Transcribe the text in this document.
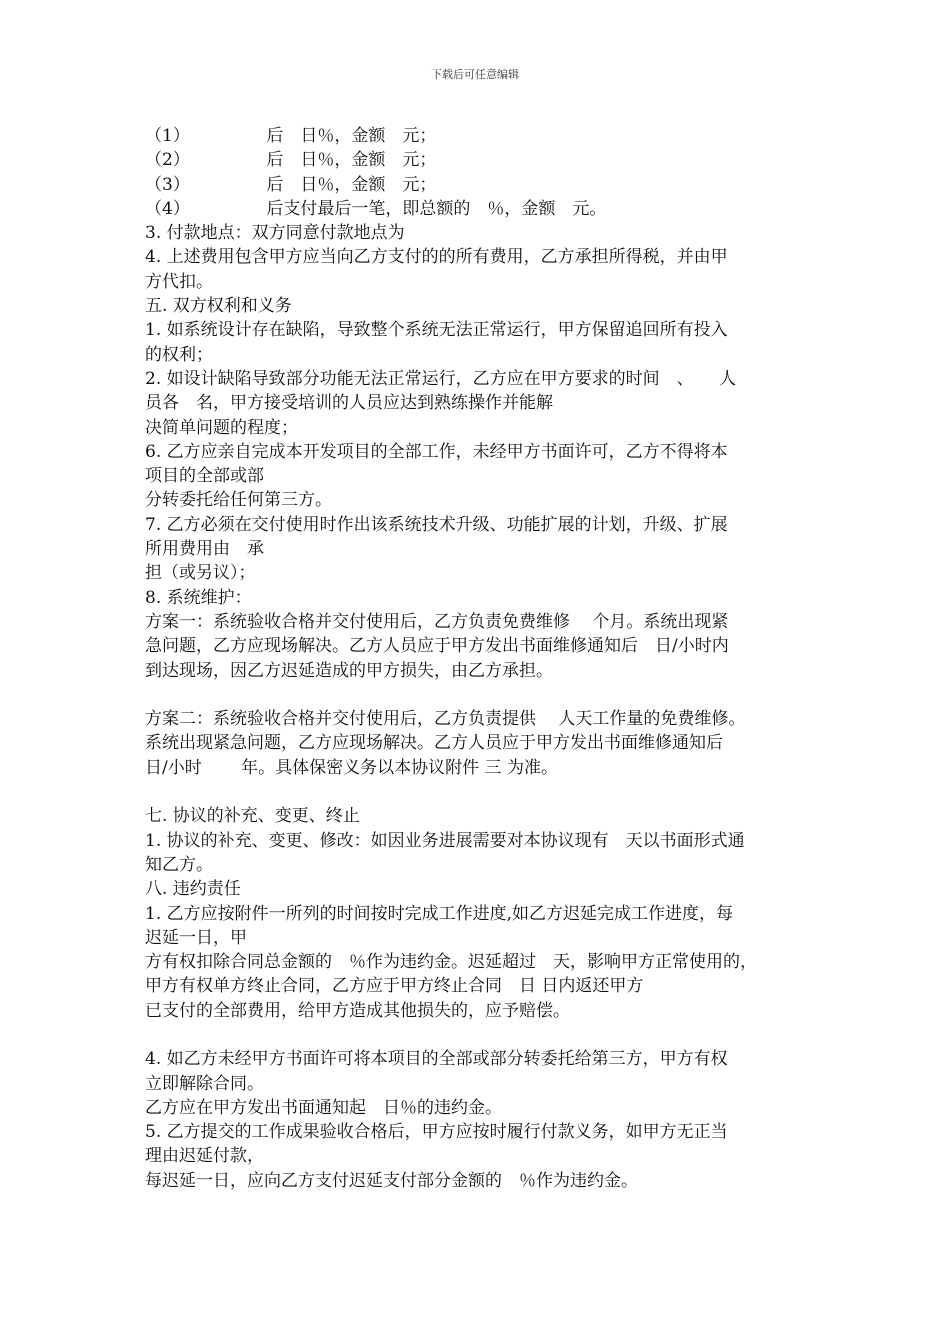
下载后可任意编辑
（1）　　　　　后　日％，金额　元；
（2）　　　　　后　日％，金额　元；
（3）　　　　　后　日％，金额　元；
（4）　　　　　后支付最后一笔，即总额的　％，金额　元。
3. 付款地点：双方同意付款地点为
4. 上述费用包含甲方应当向乙方支付的的所有费用，乙方承担所得税，并由甲
方代扣。
五. 双方权利和义务
1. 如系统设计存在缺陷，导致整个系统无法正常运行，甲方保留追回所有投入
的权利；
2. 如设计缺陷导致部分功能无法正常运行，乙方应在甲方要求的时间　、　　人
员各　名，甲方接受培训的人员应达到熟练操作并能解
决简单问题的程度；
6. 乙方应亲自完成本开发项目的全部工作，未经甲方书面许可，乙方不得将本
项目的全部或部
分转委托给任何第三方。
7. 乙方必须在交付使用时作出该系统技术升级、功能扩展的计划，升级、扩展
所用费用由　承
担（或另议）；
8. 系统维护：
方案一：系统验收合格并交付使用后，乙方负责免费维修　 个月。系统出现紧
急问题，乙方应现场解决。乙方人员应于甲方发出书面维修通知后　日/小时内
到达现场，因乙方迟延造成的甲方损失，由乙方承担。
方案二：系统验收合格并交付使用后，乙方负责提供　 人天工作量的免费维修。
系统出现紧急问题，乙方应现场解决。乙方人员应于甲方发出书面维修通知后
日/小时　　 年。具体保密义务以本协议附件 三 为准。
七. 协议的补充、变更、终止
1. 协议的补充、变更、修改：如因业务进展需要对本协议现有　天以书面形式通
知乙方。
八. 违约责任
1. 乙方应按附件一所列的时间按时完成工作进度,如乙方迟延完成工作进度，每
迟延一日，甲
方有权扣除合同总金额的　％作为违约金。迟延超过　天，影响甲方正常使用的，
甲方有权单方终止合同，乙方应于甲方终止合同　日 日内返还甲方
已支付的全部费用，给甲方造成其他损失的，应予赔偿。
4. 如乙方未经甲方书面许可将本项目的全部或部分转委托给第三方，甲方有权
立即解除合同。
乙方应在甲方发出书面通知起　日％的违约金。
5. 乙方提交的工作成果验收合格后，甲方应按时履行付款义务，如甲方无正当
理由迟延付款，
每迟延一日，应向乙方支付迟延支付部分金额的　％作为违约金。
